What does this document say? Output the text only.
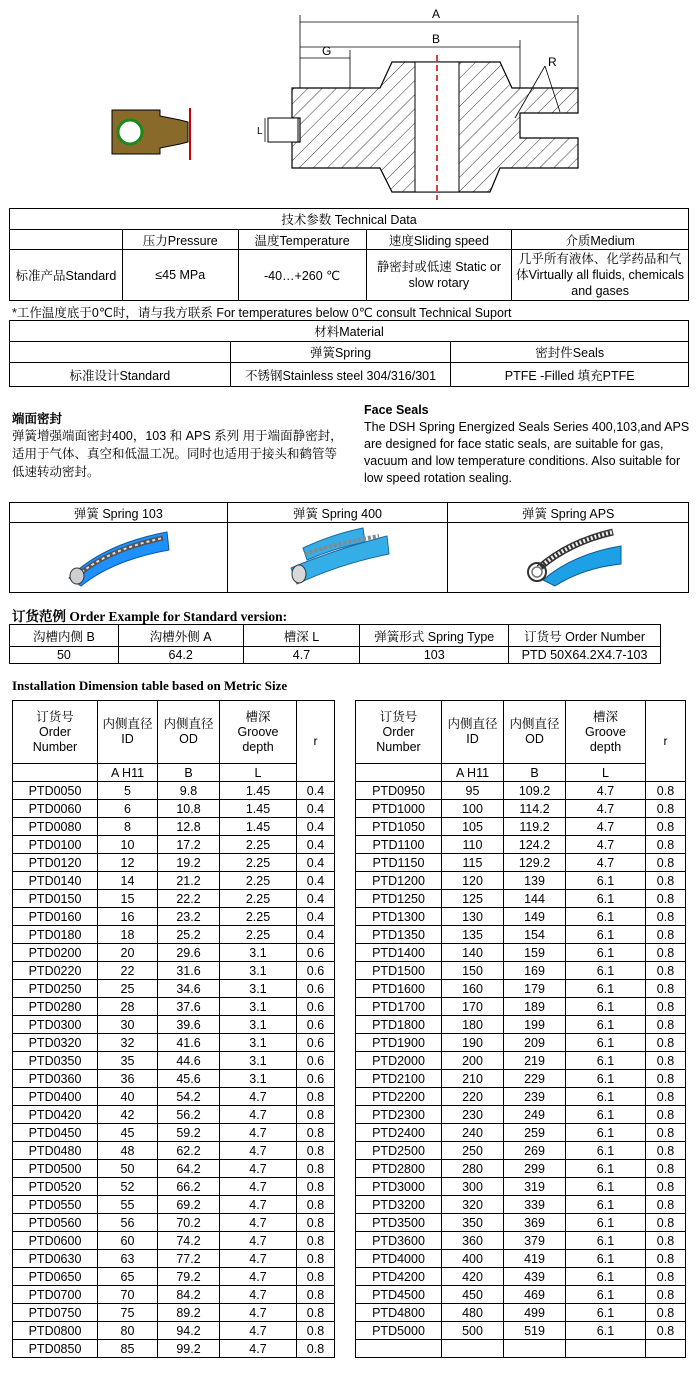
A
B
G
R
L
技术参数 Technical Data				
	压力Pressure	温度Temperature	速度Sliding speed	介质Medium
标准产品Standard	≤45 MPa	-40…+260 ℃	静密封或低速 Static or slow rotary	几乎所有液体、化学药品和气体Virtually all fluids, chemicals and gases
*工作温度底于0℃时，请与我方联系 For temperatures below 0℃ consult Technical Suport
材料Material		
	弹簧Spring	密封件Seals
标准设计Standard	不锈钢Stainless steel 304/316/301	PTFE -Filled 填充PTFE
端面密封
弹簧增强端面密封400，103 和 APS 系列 用于端面静密封，适用于气体、真空和低温工况。同时也适用于接头和鹤管等低速转动密封。
Face Seals
The DSH Spring Energized Seals Series 400,103,and APS are designed for face static seals, are suitable for gas, vacuum and low temperature conditions. Also suitable for low speed rotation sealing.
弹簧 Spring 103	弹簧 Spring 400	弹簧 Spring APS

订货范例 Order Example for Standard version:
沟槽内侧 B	沟槽外侧 A	槽深 L	弹簧形式 Spring Type	订货号 Order Number
50	64.2	4.7	103	PTD 50X64.2X4.7-103
Installation Dimension table based on Metric Size
订货号 Order Number	内侧直径 ID	内侧直径 OD	槽深 Groove depth	r
	A H11	B	L	
PTD0050	5	9.8	1.45	0.4
PTD0060	6	10.8	1.45	0.4
PTD0080	8	12.8	1.45	0.4
PTD0100	10	17.2	2.25	0.4
PTD0120	12	19.2	2.25	0.4
PTD0140	14	21.2	2.25	0.4
PTD0150	15	22.2	2.25	0.4
PTD0160	16	23.2	2.25	0.4
PTD0180	18	25.2	2.25	0.4
PTD0200	20	29.6	3.1	0.6
PTD0220	22	31.6	3.1	0.6
PTD0250	25	34.6	3.1	0.6
PTD0280	28	37.6	3.1	0.6
PTD0300	30	39.6	3.1	0.6
PTD0320	32	41.6	3.1	0.6
PTD0350	35	44.6	3.1	0.6
PTD0360	36	45.6	3.1	0.6
PTD0400	40	54.2	4.7	0.8
PTD0420	42	56.2	4.7	0.8
PTD0450	45	59.2	4.7	0.8
PTD0480	48	62.2	4.7	0.8
PTD0500	50	64.2	4.7	0.8
PTD0520	52	66.2	4.7	0.8
PTD0550	55	69.2	4.7	0.8
PTD0560	56	70.2	4.7	0.8
PTD0600	60	74.2	4.7	0.8
PTD0630	63	77.2	4.7	0.8
PTD0650	65	79.2	4.7	0.8
PTD0700	70	84.2	4.7	0.8
PTD0750	75	89.2	4.7	0.8
PTD0800	80	94.2	4.7	0.8
PTD0850	85	99.2	4.7	0.8
订货号 Order Number	内侧直径 ID	内侧直径 OD	槽深 Groove depth	r
	A H11	B	L	
PTD0950	95	109.2	4.7	0.8
PTD1000	100	114.2	4.7	0.8
PTD1050	105	119.2	4.7	0.8
PTD1100	110	124.2	4.7	0.8
PTD1150	115	129.2	4.7	0.8
PTD1200	120	139	6.1	0.8
PTD1250	125	144	6.1	0.8
PTD1300	130	149	6.1	0.8
PTD1350	135	154	6.1	0.8
PTD1400	140	159	6.1	0.8
PTD1500	150	169	6.1	0.8
PTD1600	160	179	6.1	0.8
PTD1700	170	189	6.1	0.8
PTD1800	180	199	6.1	0.8
PTD1900	190	209	6.1	0.8
PTD2000	200	219	6.1	0.8
PTD2100	210	229	6.1	0.8
PTD2200	220	239	6.1	0.8
PTD2300	230	249	6.1	0.8
PTD2400	240	259	6.1	0.8
PTD2500	250	269	6.1	0.8
PTD2800	280	299	6.1	0.8
PTD3000	300	319	6.1	0.8
PTD3200	320	339	6.1	0.8
PTD3500	350	369	6.1	0.8
PTD3600	360	379	6.1	0.8
PTD4000	400	419	6.1	0.8
PTD4200	420	439	6.1	0.8
PTD4500	450	469	6.1	0.8
PTD4800	480	499	6.1	0.8
PTD5000	500	519	6.1	0.8
